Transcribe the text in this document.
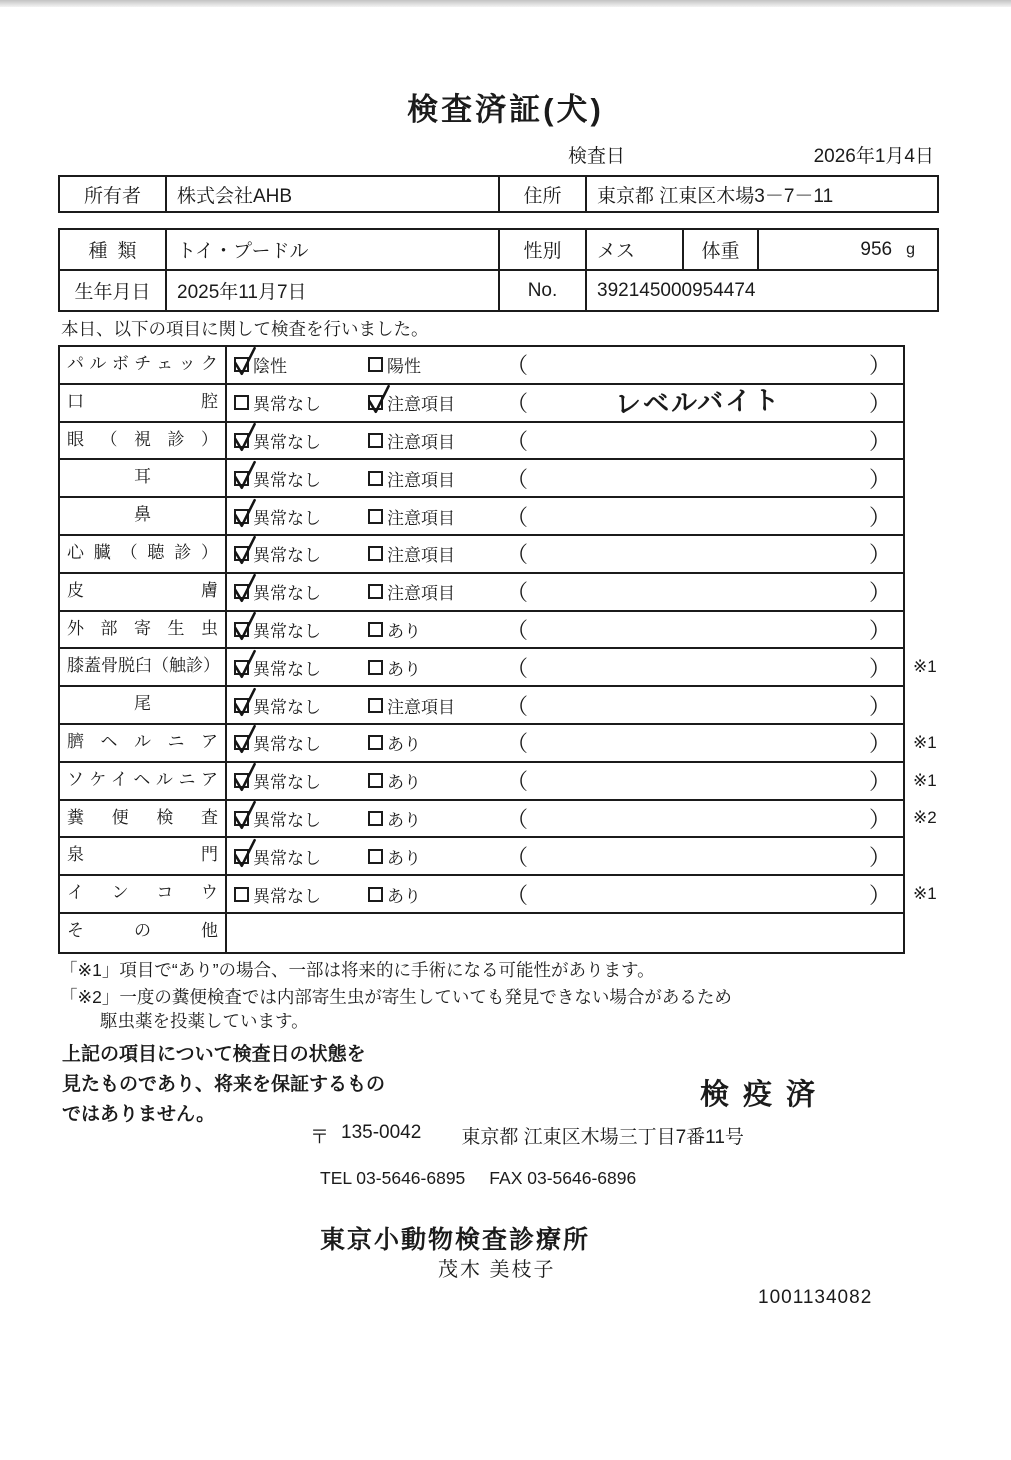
検査済証(犬)
検査日	2026年1月4日
所有者	株式会社AHB	住所	東京都 江東区木場3－7－11
種類	トイ・プードル	性別	メス	体重	956 g
生年月日	2025年11月7日	No.	392145000954474
本日、以下の項目に関して検査を行いました。
パルボチェック	陰性	陽性	（	）
口腔	異常なし	注意項目 （	レベルバイト	）
眼（視診）	異常なし	注意項目 （	）
耳	異常なし	注意項目 （	）
鼻	異常なし	注意項目 （	）
心臓（聴診）	異常なし	注意項目 （	）
皮膚	異常なし	注意項目 （	）
外部寄生虫	異常なし	あり	（	）
膝蓋骨脱臼（触診）	異常なし	あり	（	） ※1
尾	異常なし	注意項目 （	）
臍ヘルニア	異常なし	あり	（	） ※1
ソケイヘルニア	異常なし	あり	（	） ※1
糞便検査	異常なし	あり	（	） ※2
泉門	異常なし	あり	（	）
インコウ	異常なし	あり	（	） ※1
その他
「※1」項目で“あり”の場合、一部は将来的に手術になる可能性があります。
「※2」一度の糞便検査では内部寄生虫が寄生していても発見できない場合があるため
駆虫薬を投薬しています。
上記の項目について検査日の状態を
見たものであり、将来を保証するもの
ではありません。
検疫済
〒 135-0042 東京都 江東区木場三丁目7番11号
TEL 03-5646-6895 FAX 03-5646-6896
東京小動物検査診療所
茂木 美枝子
1001134082
